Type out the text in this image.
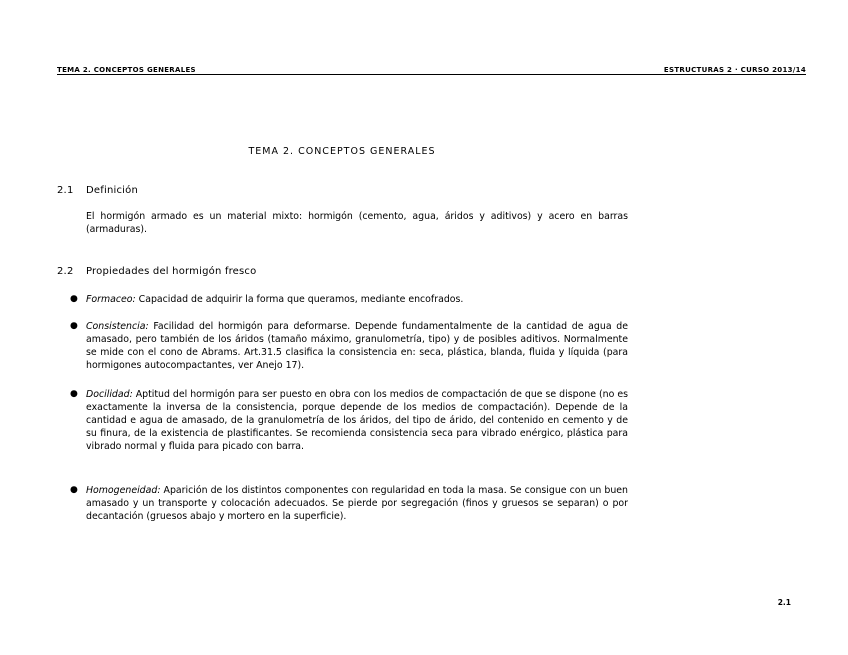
TEMA 2. CONCEPTOS GENERALES	ESTRUCTURAS 2 · CURSO 2013/14
TEMA 2. CONCEPTOS GENERALES
2.1 Definición
El hormigón armado es un material mixto: hormigón (cemento, agua, áridos y aditivos) y acero en barras (armaduras).
2.2 Propiedades del hormigón fresco
● Formaceo: Capacidad de adquirir la forma que queramos, mediante encofrados.
● Consistencia: Facilidad del hormigón para deformarse. Depende fundamentalmente de la cantidad de agua de amasado, pero también de los áridos (tamaño máximo, granulometría, tipo) y de posibles aditivos. Normalmente se mide con el cono de Abrams. Art.31.5 clasifica la consistencia en: seca, plástica, blanda, fluida y líquida (para hormigones autocompactantes, ver Anejo 17).
● Docilidad: Aptitud del hormigón para ser puesto en obra con los medios de compactación de que se dispone (no es exactamente la inversa de la consistencia, porque depende de los medios de compactación). Depende de la cantidad e agua de amasado, de la granulometría de los áridos, del tipo de árido, del contenido en cemento y de su finura, de la existencia de plastificantes. Se recomienda consistencia seca para vibrado enérgico, plástica para vibrado normal y fluida para picado con barra.
● Homogeneidad: Aparición de los distintos componentes con regularidad en toda la masa. Se consigue con un buen amasado y un transporte y colocación adecuados. Se pierde por segregación (finos y gruesos se separan) o por decantación (gruesos abajo y mortero en la superficie).
2.1
